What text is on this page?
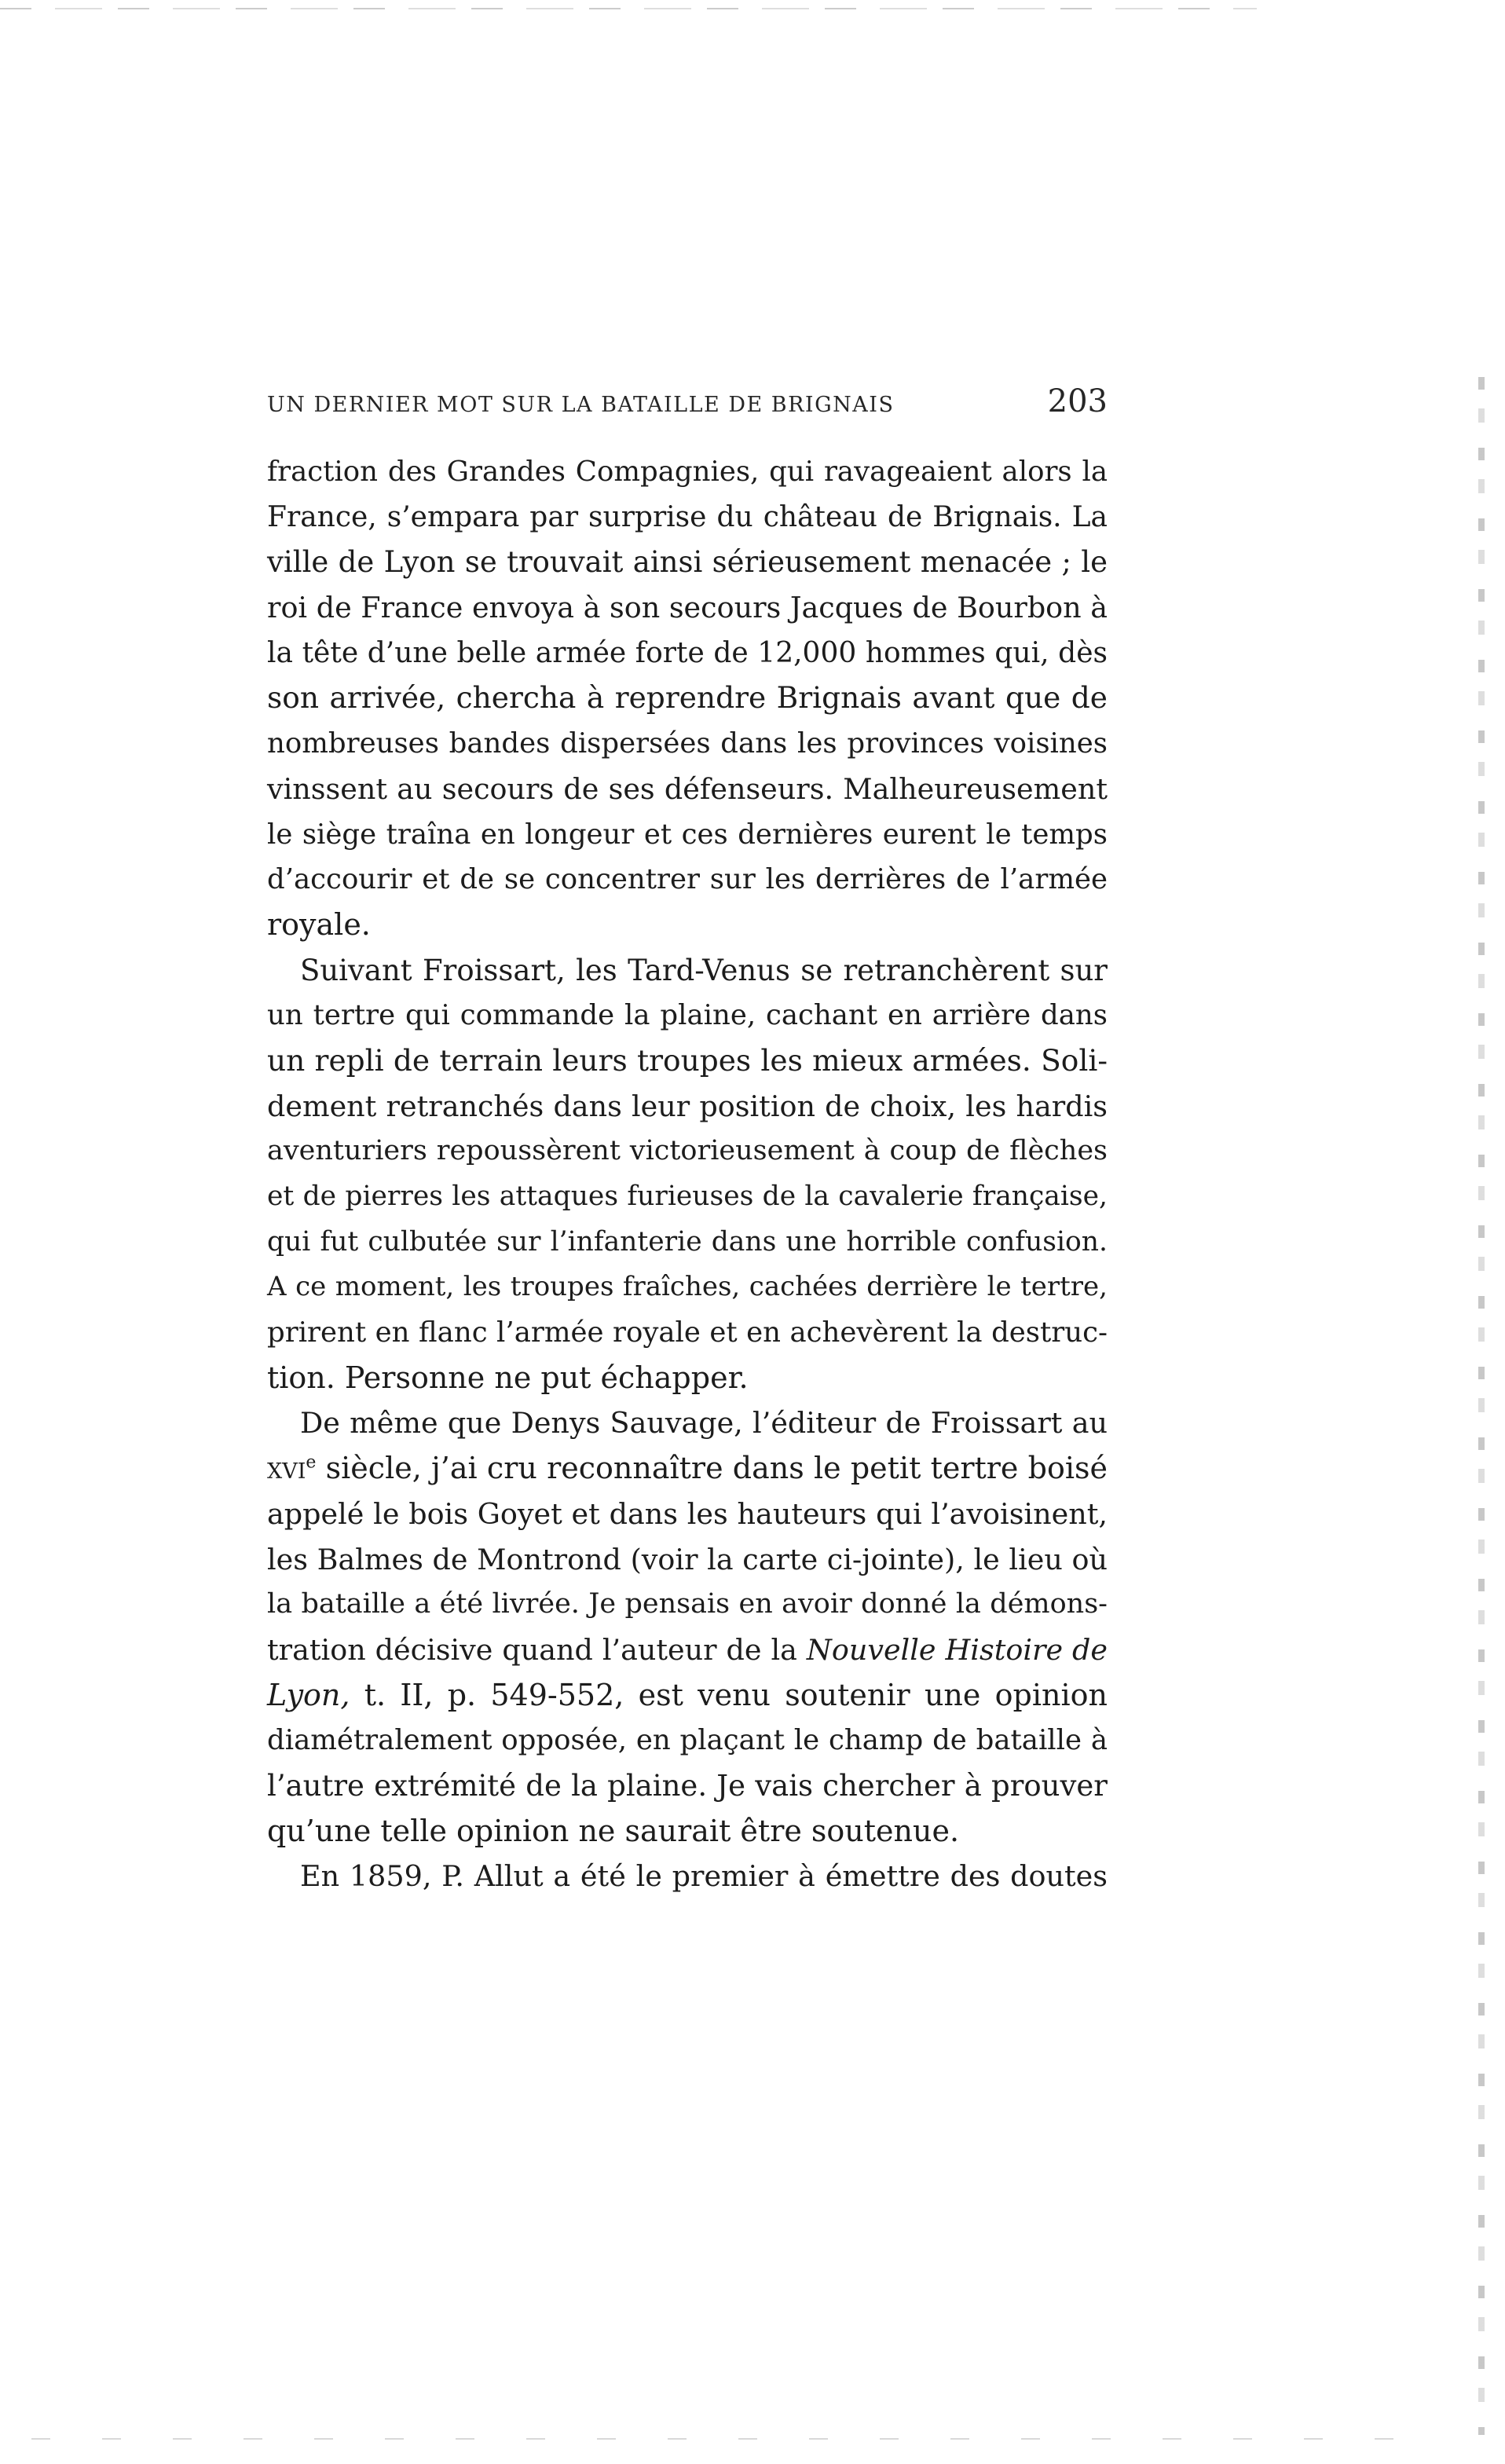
UN DERNIER MOT SUR LA BATAILLE DE BRIGNAIS	203
fraction des Grandes Compagnies, qui ravageaient alors la
France, s’empara par surprise du château de Brignais. La
ville de Lyon se trouvait ainsi sérieusement menacée ; le
roi de France envoya à son secours Jacques de Bourbon à
la tête d’une belle armée forte de 12,000 hommes qui, dès
son arrivée, chercha à reprendre Brignais avant que de
nombreuses bandes dispersées dans les provinces voisines
vinssent au secours de ses défenseurs. Malheureusement
le siège traîna en longeur et ces dernières eurent le temps
d’accourir et de se concentrer sur les derrières de l’armée
royale.
Suivant Froissart, les Tard-Venus se retranchèrent sur
un tertre qui commande la plaine, cachant en arrière dans
un repli de terrain leurs troupes les mieux armées. Soli-
dement retranchés dans leur position de choix, les hardis
aventuriers repoussèrent victorieusement à coup de flèches
et de pierres les attaques furieuses de la cavalerie française,
qui fut culbutée sur l’infanterie dans une horrible confusion.
A ce moment, les troupes fraîches, cachées derrière le tertre,
prirent en flanc l’armée royale et en achevèrent la destruc-
tion. Personne ne put échapper.
De même que Denys Sauvage, l’éditeur de Froissart au
xvi$^e$ siècle, j’ai cru reconnaître dans le petit tertre boisé
appelé le bois Goyet et dans les hauteurs qui l’avoisinent,
les Balmes de Montrond (voir la carte ci-jointe), le lieu où
la bataille a été livrée. Je pensais en avoir donné la démons-
tration décisive quand l’auteur de la Nouvelle Histoire de
Lyon, t. II, p. 549-552, est venu soutenir une opinion
diamétralement opposée, en plaçant le champ de bataille à
l’autre extrémité de la plaine. Je vais chercher à prouver
qu’une telle opinion ne saurait être soutenue.
En 1859, P. Allut a été le premier à émettre des doutes
